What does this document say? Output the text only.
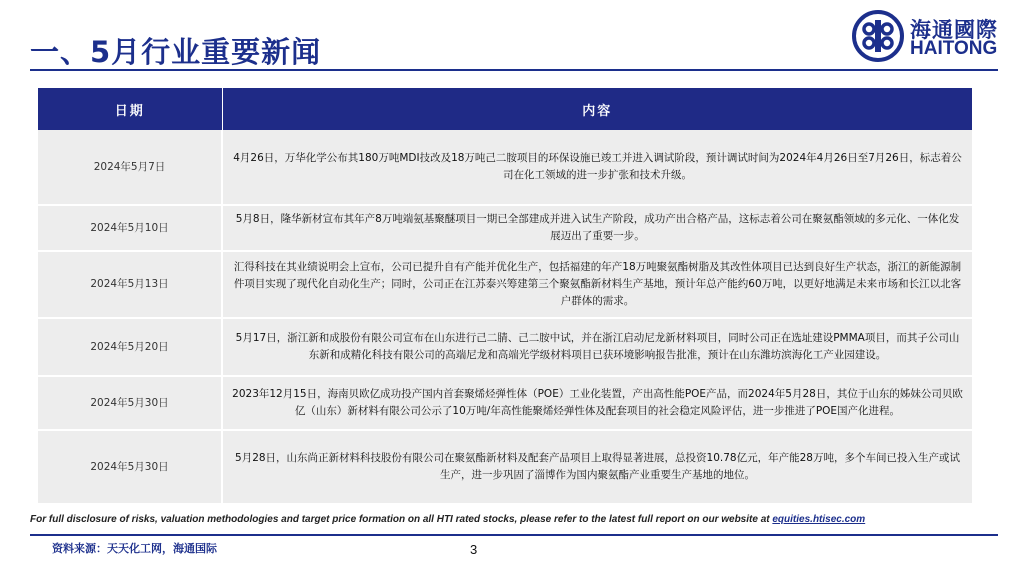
一、5月行业重要新闻
海通國際
HAITONG
日期	内容
2024年5月7日	4月26日，万华化学公布其180万吨MDI技改及18万吨己二胺项目的环保设施已竣工并进入调试阶段，预计调试时间为2024年4月26日至7月26日，标志着公司在化工领域的进一步扩张和技术升级。
2024年5月10日	5月8日，隆华新材宣布其年产8万吨端氨基聚醚项目一期已全部建成并进入试生产阶段，成功产出合格产品，这标志着公司在聚氨酯领域的多元化、一体化发展迈出了重要一步。
2024年5月13日	汇得科技在其业绩说明会上宣布，公司已提升自有产能并优化生产，包括福建的年产18万吨聚氨酯树脂及其改性体项目已达到良好生产状态，浙江的新能源制件项目实现了现代化自动化生产；同时，公司正在江苏泰兴筹建第三个聚氨酯新材料生产基地，预计年总产能约60万吨，以更好地满足未来市场和长江以北客户群体的需求。
2024年5月20日	5月17日，浙江新和成股份有限公司宣布在山东进行己二腈、己二胺中试，并在浙江启动尼龙新材料项目，同时公司正在选址建设PMMA项目，而其子公司山东新和成精化科技有限公司的高端尼龙和高端光学级材料项目已获环境影响报告批准，预计在山东潍坊滨海化工产业园建设。
2024年5月30日	2023年12月15日，海南贝欧亿成功投产国内首套聚烯烃弹性体（POE）工业化装置，产出高性能POE产品，而2024年5月28日，其位于山东的姊妹公司贝欧亿（山东）新材料有限公司公示了10万吨/年高性能聚烯烃弹性体及配套项目的社会稳定风险评估，进一步推进了POE国产化进程。
2024年5月30日	5月28日，山东尚正新材料科技股份有限公司在聚氨酯新材料及配套产品项目上取得显著进展，总投资10.78亿元，年产能28万吨，多个车间已投入生产或试生产，进一步巩固了淄博作为国内聚氨酯产业重要生产基地的地位。
For full disclosure of risks, valuation methodologies and target price formation on all HTI rated stocks, please refer to the latest full report on our website at equities.htisec.com
资料来源：天天化工网，海通国际	3
